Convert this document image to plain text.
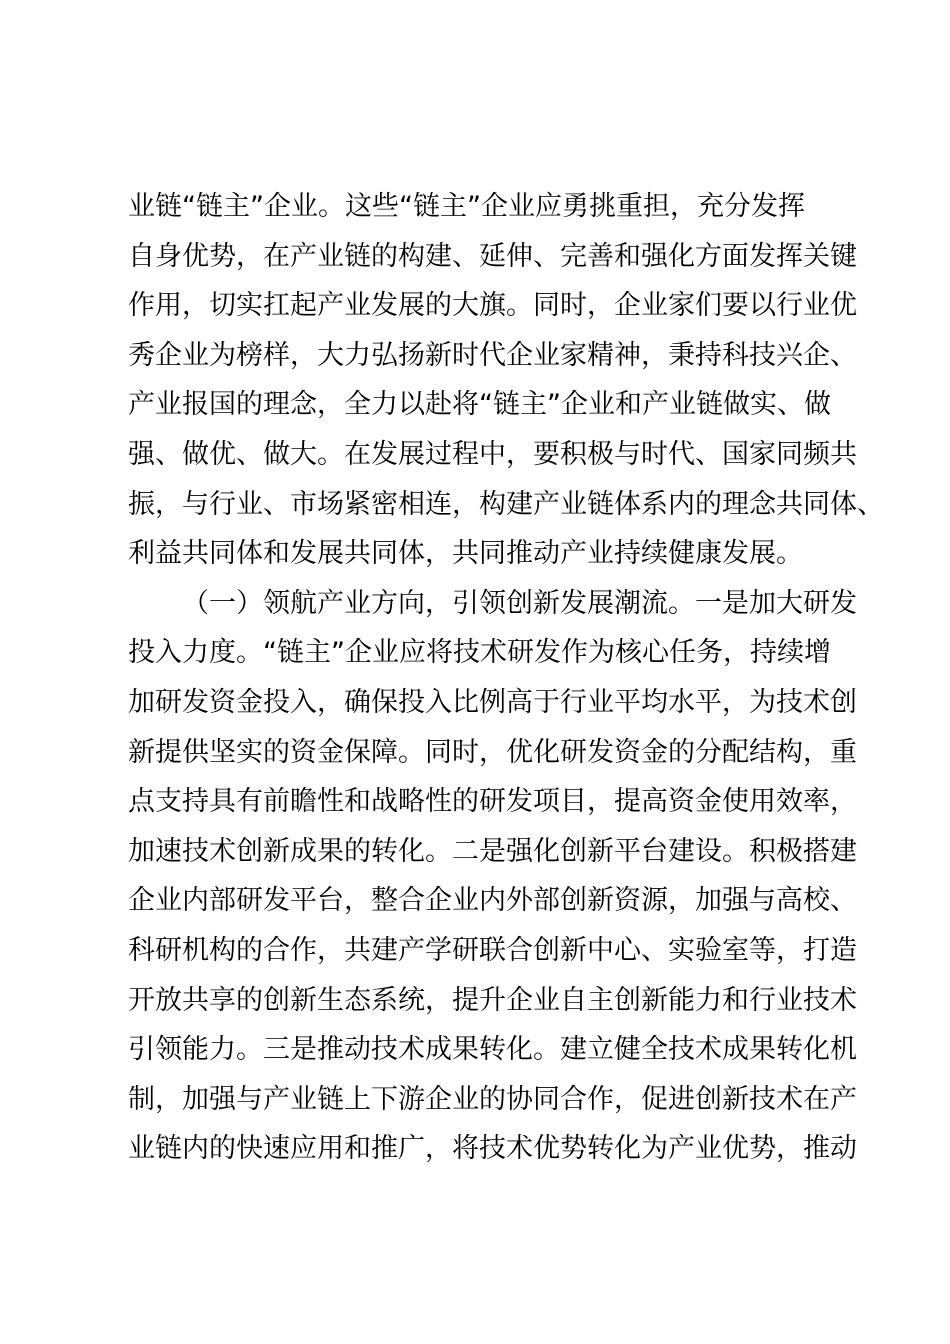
业链“链主”企业。这些“链主”企业应勇挑重担，充分发挥
自身优势，在产业链的构建、延伸、完善和强化方面发挥关键
作用，切实扛起产业发展的大旗。同时，企业家们要以行业优
秀企业为榜样，大力弘扬新时代企业家精神，秉持科技兴企、
产业报国的理念，全力以赴将“链主”企业和产业链做实、做
强、做优、做大。在发展过程中，要积极与时代、国家同频共
振，与行业、市场紧密相连，构建产业链体系内的理念共同体、
利益共同体和发展共同体，共同推动产业持续健康发展。
（一）领航产业方向，引领创新发展潮流。一是加大研发
投入力度。“链主”企业应将技术研发作为核心任务，持续增
加研发资金投入，确保投入比例高于行业平均水平，为技术创
新提供坚实的资金保障。同时，优化研发资金的分配结构，重
点支持具有前瞻性和战略性的研发项目，提高资金使用效率，
加速技术创新成果的转化。二是强化创新平台建设。积极搭建
企业内部研发平台，整合企业内外部创新资源，加强与高校、
科研机构的合作，共建产学研联合创新中心、实验室等，打造
开放共享的创新生态系统，提升企业自主创新能力和行业技术
引领能力。三是推动技术成果转化。建立健全技术成果转化机
制，加强与产业链上下游企业的协同合作，促进创新技术在产
业链内的快速应用和推广，将技术优势转化为产业优势，推动
